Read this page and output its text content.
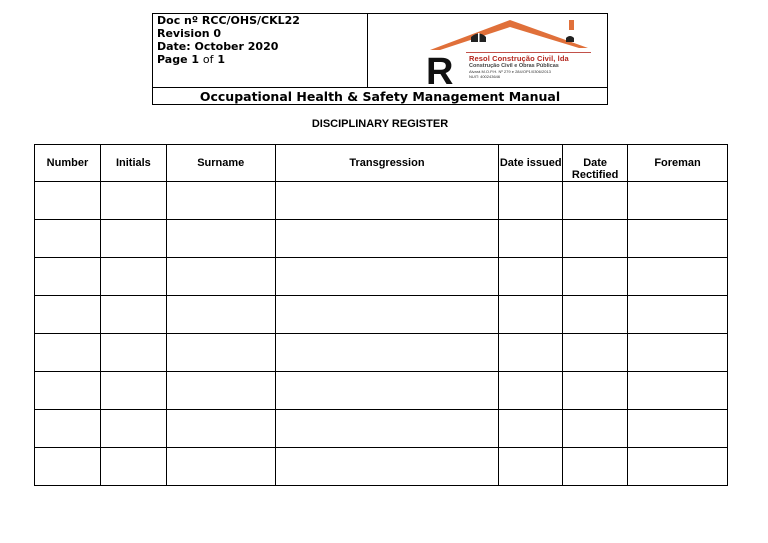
Doc nº RCC/OHS/CKL22
Revision 0
Date: October 2020
Page 1 of 1	R Resol Construção Civil, lda
Construção Civil e Obras Públicas
Alvará M.O.P.H. Nº 279 e 284/OP1/0306/2013
NUIT: 400243646
Occupational Health & Safety Management Manual
DISCIPLINARY REGISTER
Number	Initials	Surname	Transgression	Date issued	Date Rectified	Foreman
